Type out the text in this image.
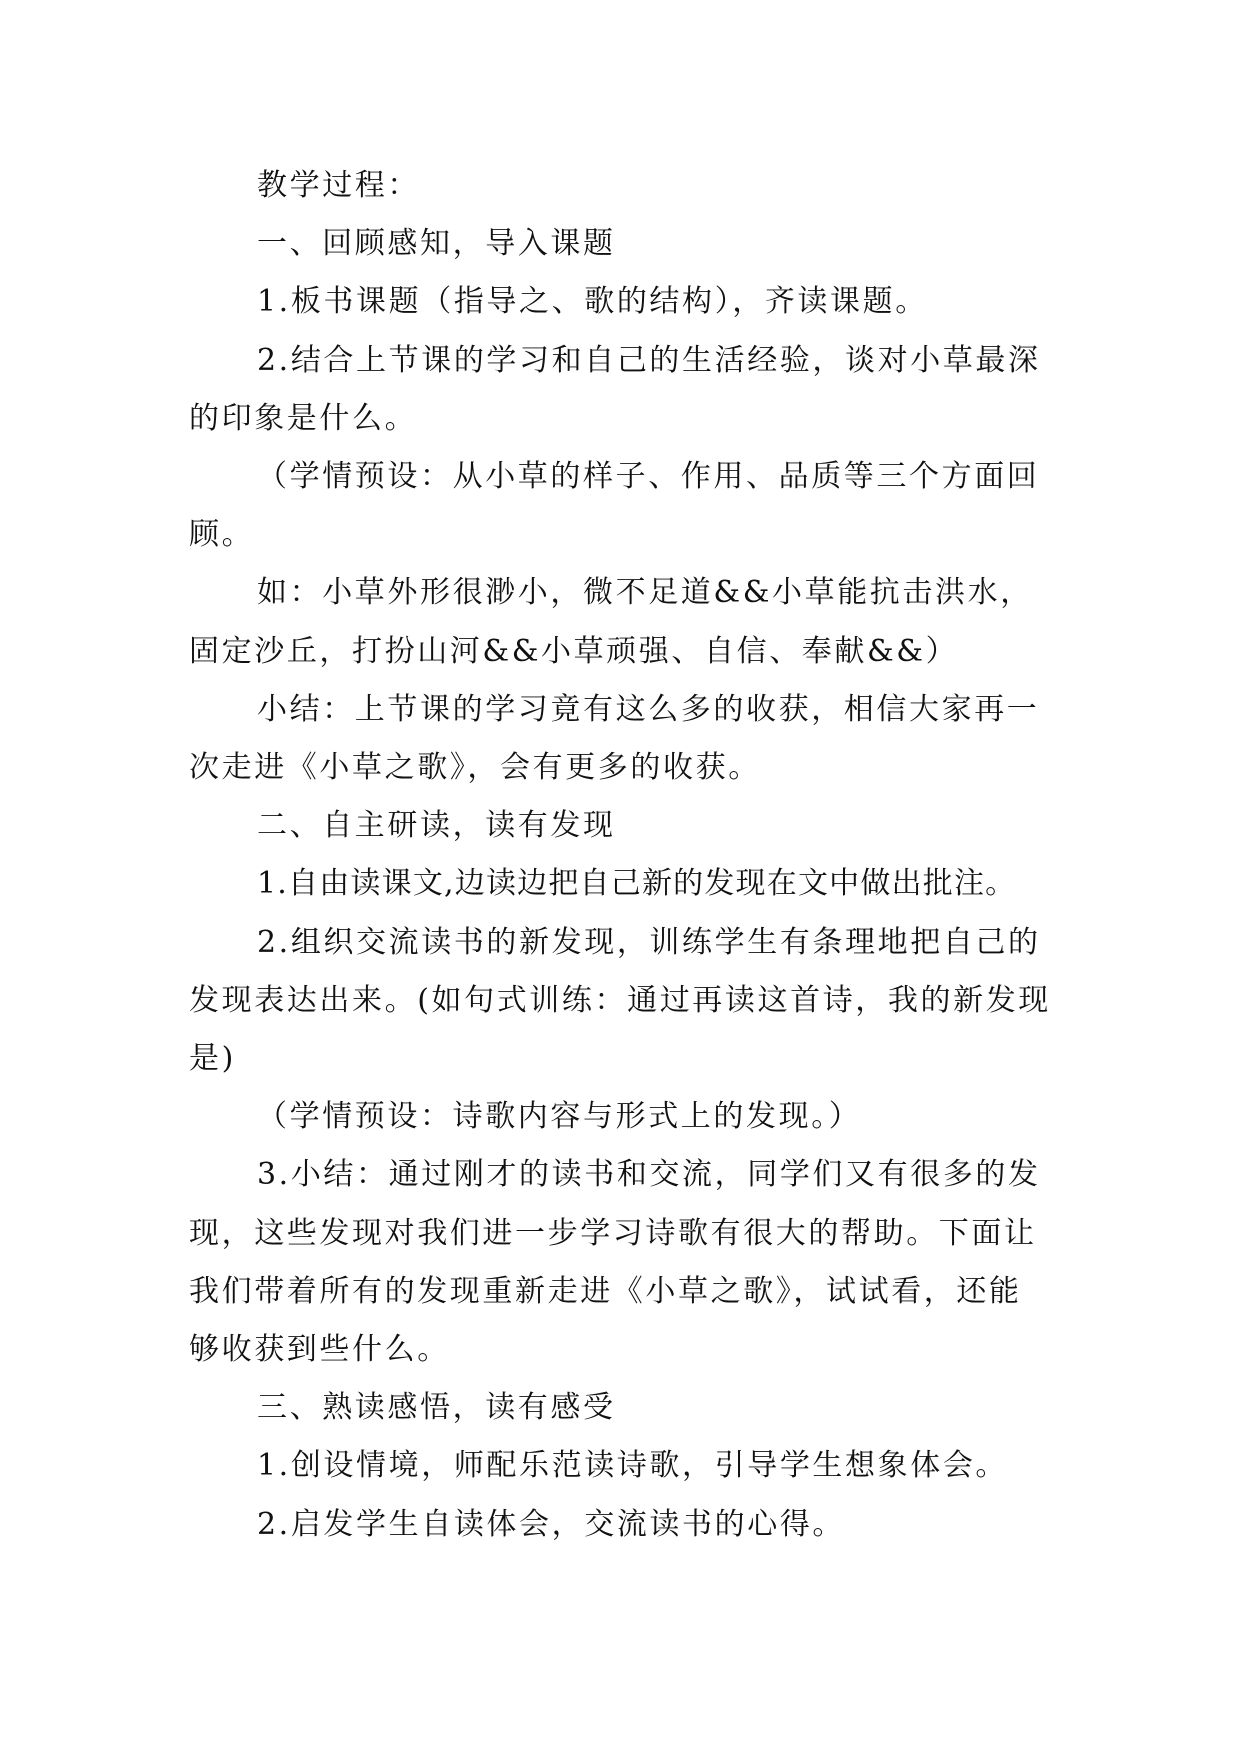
教学过程：

一、回顾感知，导入课题

1.板书课题（指导之、歌的结构），齐读课题。

2.结合上节课的学习和自己的生活经验，谈对小草最深的印象是什么。

（学情预设：从小草的样子、作用、品质等三个方面回顾。

如：小草外形很渺小，微不足道&&小草能抗击洪水，固定沙丘，打扮山河&&小草顽强、自信、奉献&&）

小结：上节课的学习竟有这么多的收获，相信大家再一次走进《小草之歌》，会有更多的收获。

二、自主研读，读有发现

1.自由读课文,边读边把自己新的发现在文中做出批注。

2.组织交流读书的新发现，训练学生有条理地把自己的发现表达出来。(如句式训练：通过再读这首诗，我的新发现是)

（学情预设：诗歌内容与形式上的发现。）

3.小结：通过刚才的读书和交流，同学们又有很多的发现，这些发现对我们进一步学习诗歌有很大的帮助。下面让我们带着所有的发现重新走进《小草之歌》，试试看，还能够收获到些什么。

三、熟读感悟，读有感受

1.创设情境，师配乐范读诗歌，引导学生想象体会。

2.启发学生自读体会，交流读书的心得。
